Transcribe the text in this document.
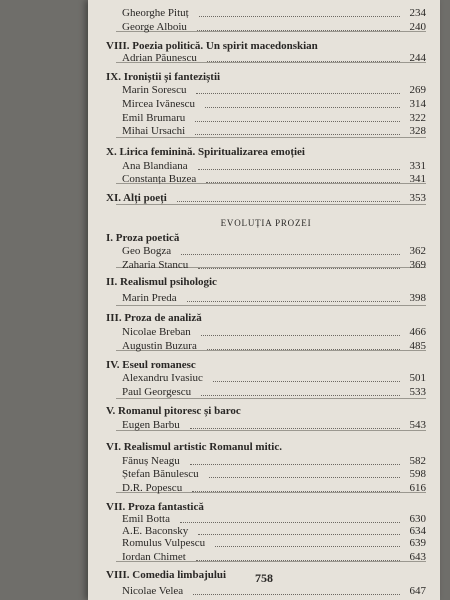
Gheorghe Pituț	234
George Alboiu	240
VIII. Poezia politică. Un spirit macedonskian
Adrian Păunescu	244
IX. Ironiștii și fanteziștii
Marin Sorescu	269
Mircea Ivănescu	314
Emil Brumaru	322
Mihai Ursachi	328
X. Lirica feminină. Spiritualizarea emoției
Ana Blandiana	331
Constanța Buzea	341
XI. Alți poeți	353
EVOLUȚIA PROZEI
I. Proza poetică
Geo Bogza	362
Zaharia Stancu	369
II. Realismul psihologic
Marin Preda	398
III. Proza de analiză
Nicolae Breban	466
Augustin Buzura	485
IV. Eseul romanesc
Alexandru Ivasiuc	501
Paul Georgescu	533
V. Romanul pitoresc și baroc
Eugen Barbu	543
VI. Realismul artistic Romanul mitic.
Fănuș Neagu	582
Ștefan Bănulescu	598
D.R. Popescu	616
VII. Proza fantastică
Emil Botta	630
A.E. Baconsky	634
Romulus Vulpescu	639
Iordan Chimet	643
VIII. Comedia limbajului
Nicolae Velea	647
758
